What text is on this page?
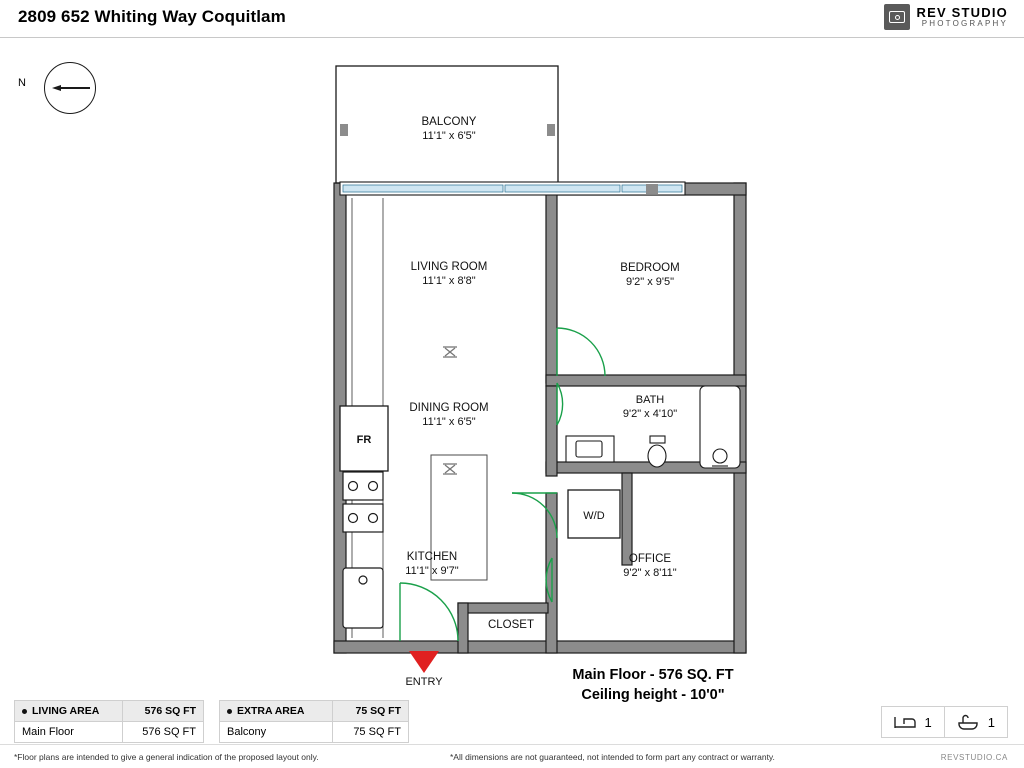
2809 652 Whiting Way Coquitlam	REV STUDIO
PHOTOGRAPHY
N
BALCONY
11'1" x 6'5"
LIVING ROOM
11'1" x 8'8"
BEDROOM
9'2" x 9'5"
DINING ROOM
11'1" x 6'5"
BATH
9'2" x 4'10"
W/D
OFFICE
9'2" x 8'11"
KITCHEN
11'1" x 9'7"
FR
CLOSET
ENTRY	Main Floor - 576 SQ. FT
Ceiling height - 10'0"
LIVING AREA	576 SQ FT
Main Floor	576 SQ FT
EXTRA AREA	75 SQ FT
Balcony	75 SQ FT
*Floor plans are intended to give a general indication of the proposed layout only.	*All dimensions are not guaranteed, not intended to form part any contract or warranty.
1	1
REVSTUDIO.CA
